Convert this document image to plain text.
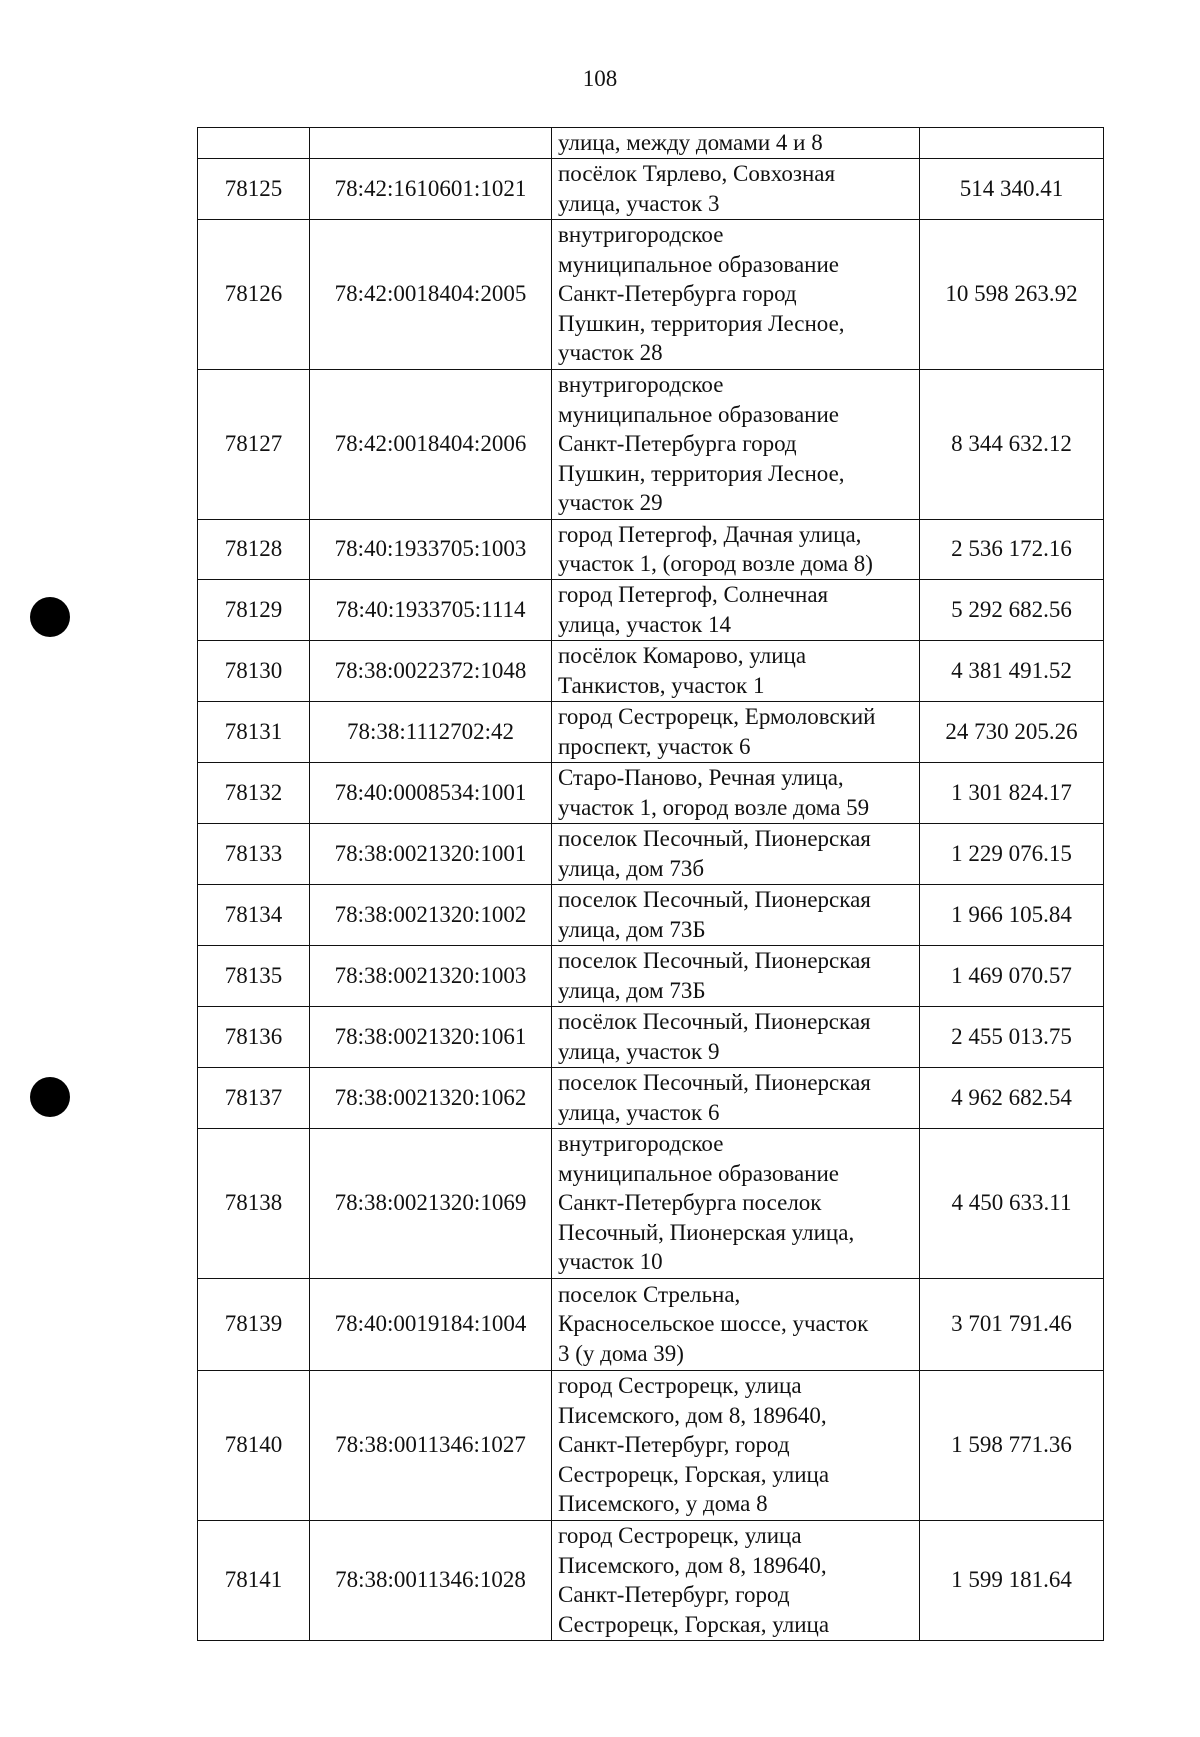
108
		улица, между домами 4 и 8	
78125	78:42:1610601:1021	посёлок Тярлево, Совхозная
улица, участок 3	514 340.41
78126	78:42:0018404:2005	внутригородское
муниципальное образование
Санкт-Петербурга город
Пушкин, территория Лесное,
участок 28	10 598 263.92
78127	78:42:0018404:2006	внутригородское
муниципальное образование
Санкт-Петербурга город
Пушкин, территория Лесное,
участок 29	8 344 632.12
78128	78:40:1933705:1003	город Петергоф, Дачная улица,
участок 1, (огород возле дома 8)	2 536 172.16
78129	78:40:1933705:1114	город Петергоф, Солнечная
улица, участок 14	5 292 682.56
78130	78:38:0022372:1048	посёлок Комарово, улица
Танкистов, участок 1	4 381 491.52
78131	78:38:1112702:42	город Сестрорецк, Ермоловский
проспект, участок 6	24 730 205.26
78132	78:40:0008534:1001	Старо-Паново, Речная улица,
участок 1, огород возле дома 59	1 301 824.17
78133	78:38:0021320:1001	поселок Песочный, Пионерская
улица, дом 73б	1 229 076.15
78134	78:38:0021320:1002	поселок Песочный, Пионерская
улица, дом 73Б	1 966 105.84
78135	78:38:0021320:1003	поселок Песочный, Пионерская
улица, дом 73Б	1 469 070.57
78136	78:38:0021320:1061	посёлок Песочный, Пионерская
улица, участок 9	2 455 013.75
78137	78:38:0021320:1062	поселок Песочный, Пионерская
улица, участок 6	4 962 682.54
78138	78:38:0021320:1069	внутригородское
муниципальное образование
Санкт-Петербурга поселок
Песочный, Пионерская улица,
участок 10	4 450 633.11
78139	78:40:0019184:1004	поселок Стрельна,
Красносельское шоссе, участок
3 (у дома 39)	3 701 791.46
78140	78:38:0011346:1027	город Сестрорецк, улица
Писемского, дом 8, 189640,
Санкт-Петербург, город
Сестрорецк, Горская, улица
Писемского, у дома 8	1 598 771.36
78141	78:38:0011346:1028	город Сестрорецк, улица
Писемского, дом 8, 189640,
Санкт-Петербург, город
Сестрорецк, Горская, улица	1 599 181.64
